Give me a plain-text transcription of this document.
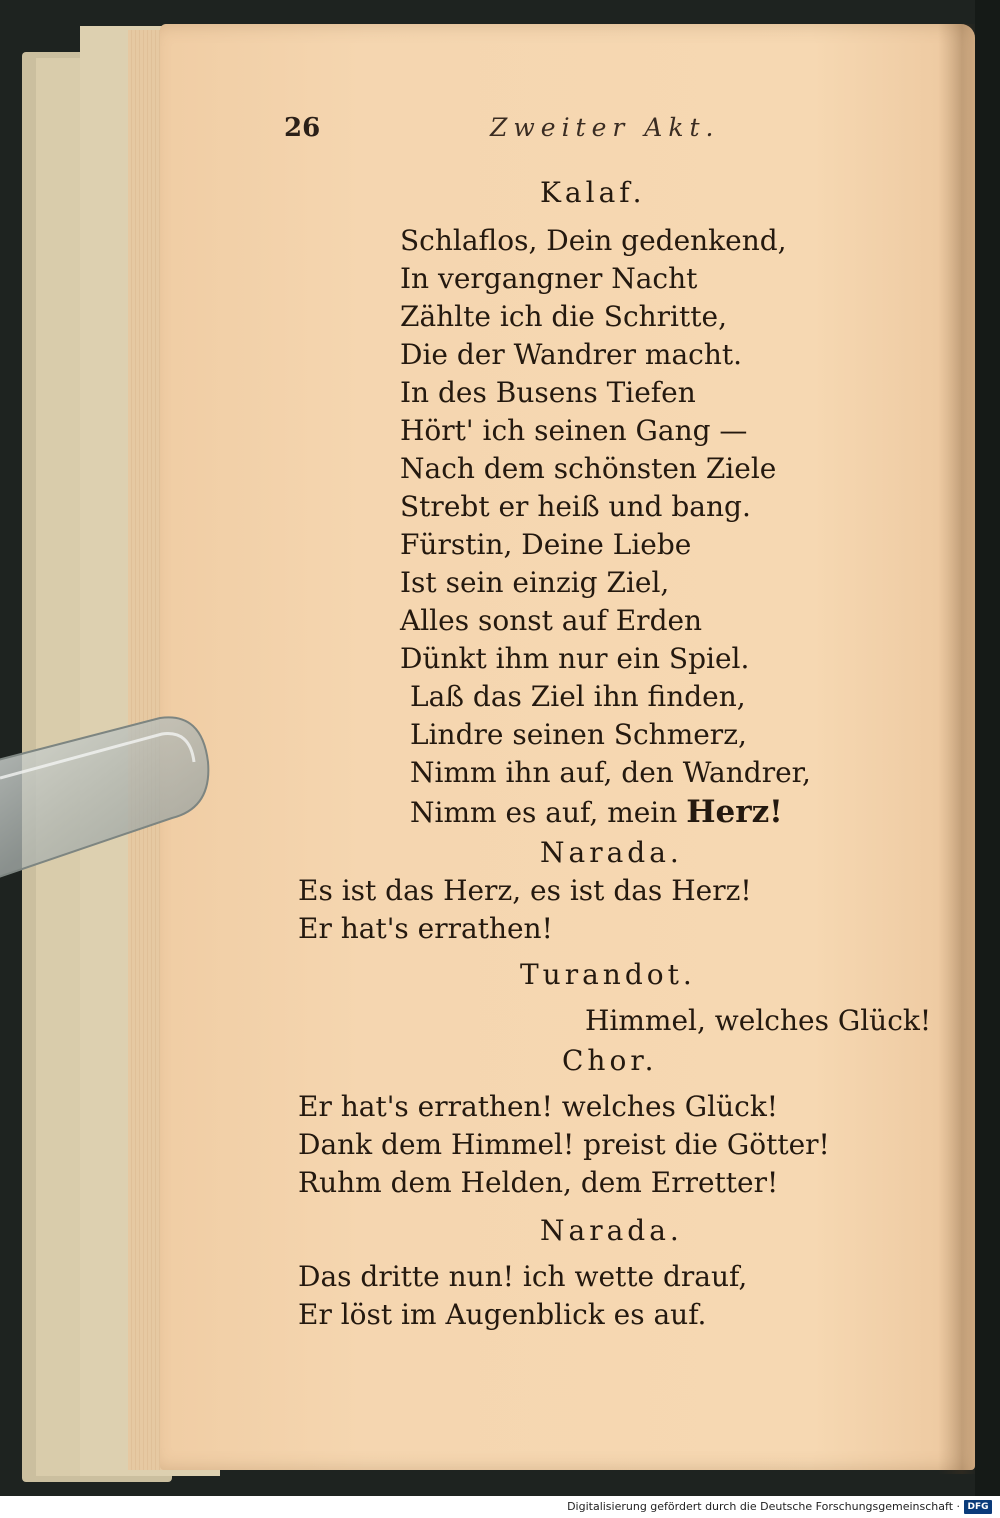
26	Zweiter Akt.
Kalaf.
Schlaflos, Dein gedenkend,
In vergangner Nacht
Zählte ich die Schritte,
Die der Wandrer macht.
In des Busens Tiefen
Hört' ich seinen Gang —
Nach dem schönsten Ziele
Strebt er heiß und bang.
Fürstin, Deine Liebe
Ist sein einzig Ziel,
Alles sonst auf Erden
Dünkt ihm nur ein Spiel.
Laß das Ziel ihn finden,
Lindre seinen Schmerz,
Nimm ihn auf, den Wandrer,
Nimm es auf, mein Herz!
Narada.
Es ist das Herz, es ist das Herz!
Er hat's errathen!
Turandot.
Himmel, welches Glück!
Chor.
Er hat's errathen! welches Glück!
Dank dem Himmel! preist die Götter!
Ruhm dem Helden, dem Erretter!
Narada.
Das dritte nun! ich wette drauf,
Er löst im Augenblick es auf.
Digitalisierung gefördert durch die Deutsche Forschungsgemeinschaft · DFG
